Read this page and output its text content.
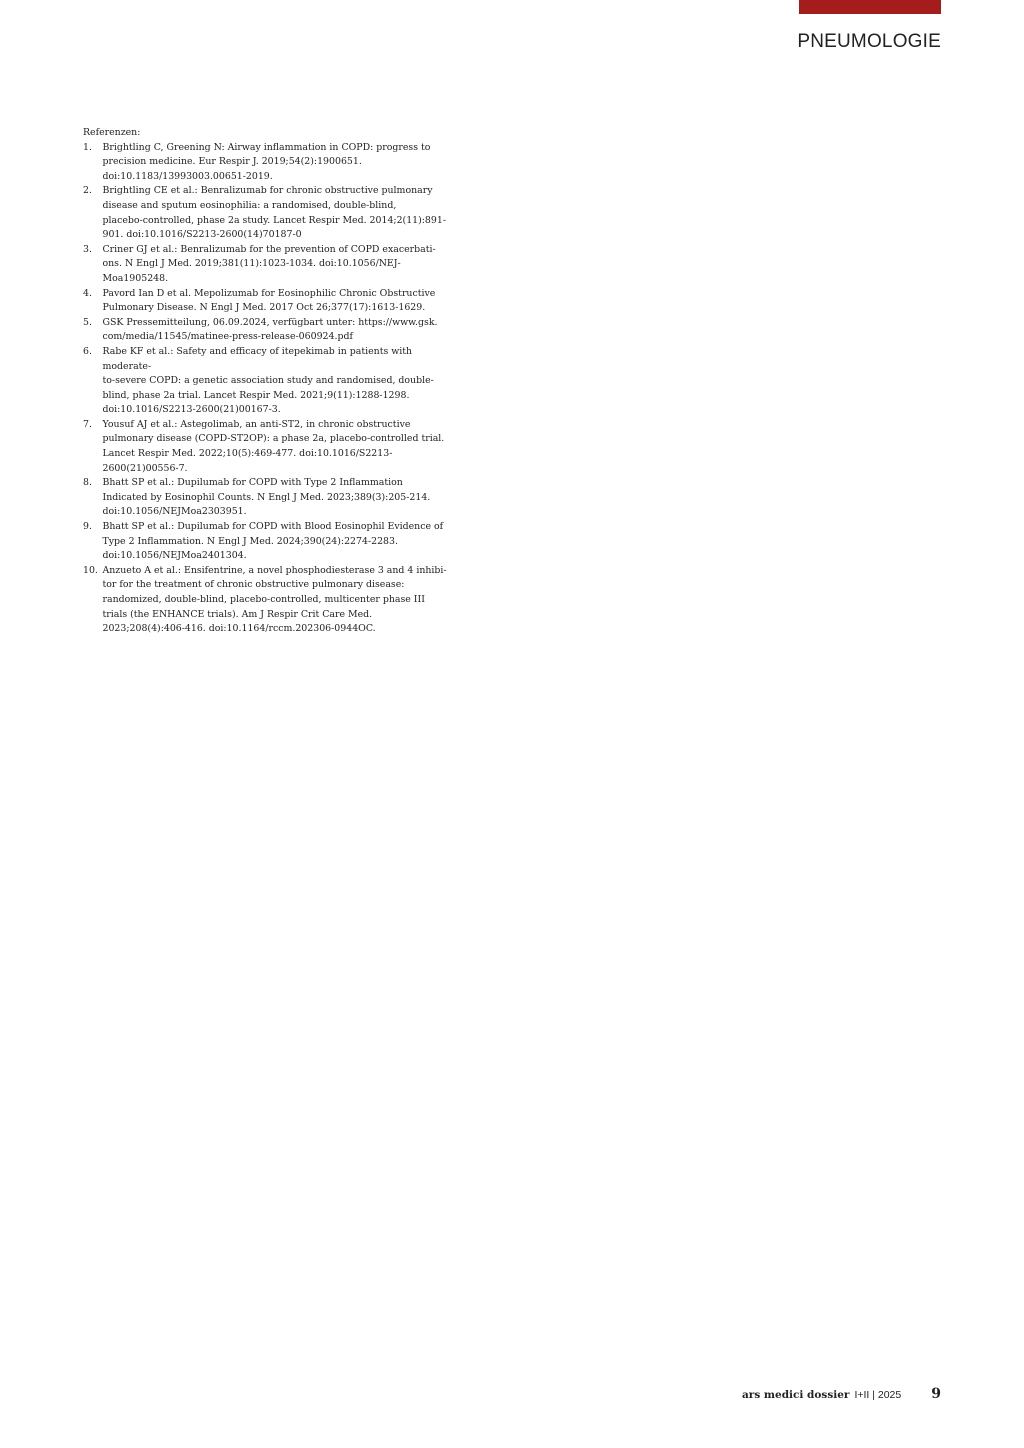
PNEUMOLOGIE

Referenzen:

1. Brightling C, Greening N: Airway inflammation in COPD: progress to
precision medicine. Eur Respir J. 2019;54(2):1900651.
doi:10.1183/13993003.00651-2019.
2. Brightling CE et al.: Benralizumab for chronic obstructive pulmonary
disease and sputum eosinophilia: a randomised, double-blind,
placebo-controlled, phase 2a study. Lancet Respir Med. 2014;2(11):891-
901. doi:10.1016/S2213-2600(14)70187-0
3. Criner GJ et al.: Benralizumab for the prevention of COPD exacerbati-
ons. N Engl J Med. 2019;381(11):1023-1034. doi:10.1056/NEJ-
Moa1905248.
4. Pavord Ian D et al. Mepolizumab for Eosinophilic Chronic Obstructive
Pulmonary Disease. N Engl J Med. 2017 Oct 26;377(17):1613-1629.
5. GSK Pressemitteilung, 06.09.2024, verfügbart unter: https://www.gsk.
com/media/11545/matinee-press-release-060924.pdf
6. Rabe KF et al.: Safety and efficacy of itepekimab in patients with
moderate-
to-severe COPD: a genetic association study and randomised, double-
blind, phase 2a trial. Lancet Respir Med. 2021;9(11):1288-1298.
doi:10.1016/S2213-2600(21)00167-3.
7. Yousuf AJ et al.: Astegolimab, an anti-ST2, in chronic obstructive
pulmonary disease (COPD-ST2OP): a phase 2a, placebo-controlled trial.
Lancet Respir Med. 2022;10(5):469-477. doi:10.1016/S2213-
2600(21)00556-7.
8. Bhatt SP et al.: Dupilumab for COPD with Type 2 Inflammation
Indicated by Eosinophil Counts. N Engl J Med. 2023;389(3):205-214.
doi:10.1056/NEJMoa2303951.
9. Bhatt SP et al.: Dupilumab for COPD with Blood Eosinophil Evidence of
Type 2 Inflammation. N Engl J Med. 2024;390(24):2274-2283.
doi:10.1056/NEJMoa2401304.
10. Anzueto A et al.: Ensifentrine, a novel phosphodiesterase 3 and 4 inhibi-
tor for the treatment of chronic obstructive pulmonary disease:
randomized, double-blind, placebo-controlled, multicenter phase III
trials (the ENHANCE trials). Am J Respir Crit Care Med.
2023;208(4):406-416. doi:10.1164/rccm.202306-0944OC.
ars medici dossier I+II | 2025 9
